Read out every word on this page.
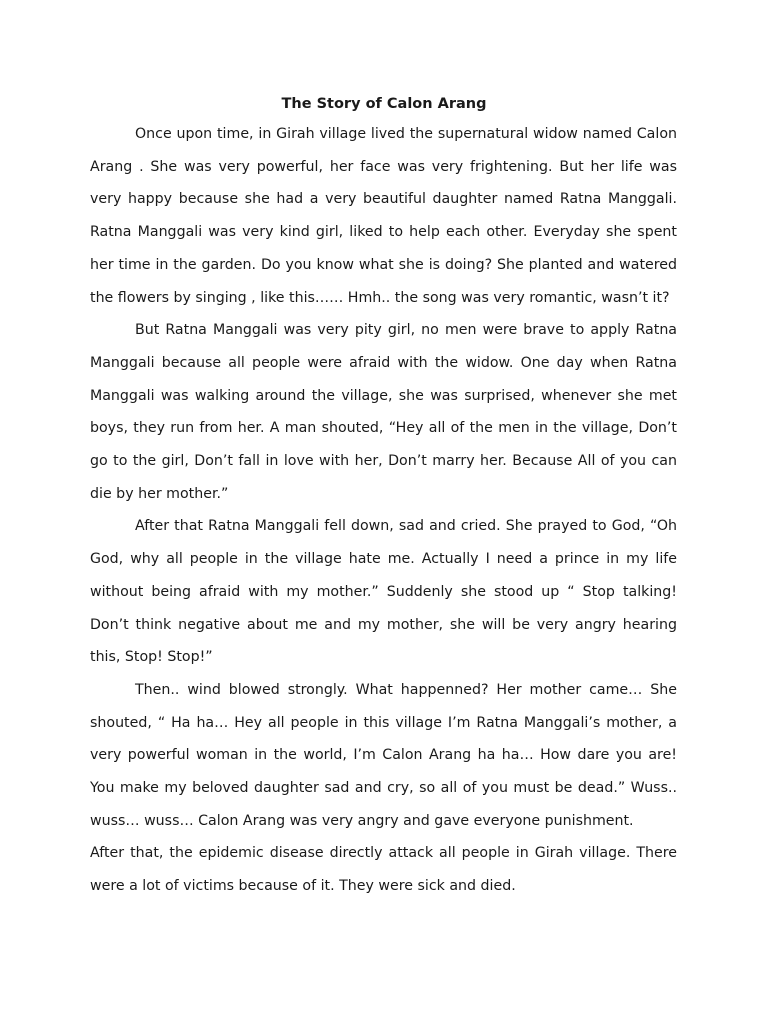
The Story of Calon Arang

Once upon time, in Girah village lived the supernatural widow named Calon Arang . She was very powerful, her face was very frightening. But her life was very happy because she had a very beautiful daughter named Ratna Manggali. Ratna Manggali was very kind girl, liked to help each other. Everyday she spent her time in the garden. Do you know what she is doing? She planted and watered the flowers by singing , like this…… Hmh.. the song was very romantic, wasn’t it?

But Ratna Manggali was very pity girl, no men were brave to apply Ratna Manggali because all people were afraid with the widow. One day when Ratna Manggali was walking around the village, she was surprised, whenever she met boys, they run from her. A man shouted, “Hey all of the men in the village, Don’t go to the girl, Don’t fall in love with her, Don’t marry her. Because All of you can die by her mother.”

After that Ratna Manggali fell down, sad and cried. She prayed to God, “Oh God, why all people in the village hate me. Actually I need a prince in my life without being afraid with my mother.” Suddenly she stood up “ Stop talking! Don’t think negative about me and my mother, she will be very angry hearing this, Stop! Stop!”

Then.. wind blowed strongly. What happenned? Her mother came… She shouted, “ Ha ha… Hey all people in this village I’m Ratna Manggali’s mother, a very powerful woman in the world, I’m Calon Arang ha ha… How dare you are! You make my beloved daughter sad and cry, so all of you must be dead.” Wuss.. wuss… wuss… Calon Arang was very angry and gave everyone punishment.

After that, the epidemic disease directly attack all people in Girah village. There were a lot of victims because of it. They were sick and died.
